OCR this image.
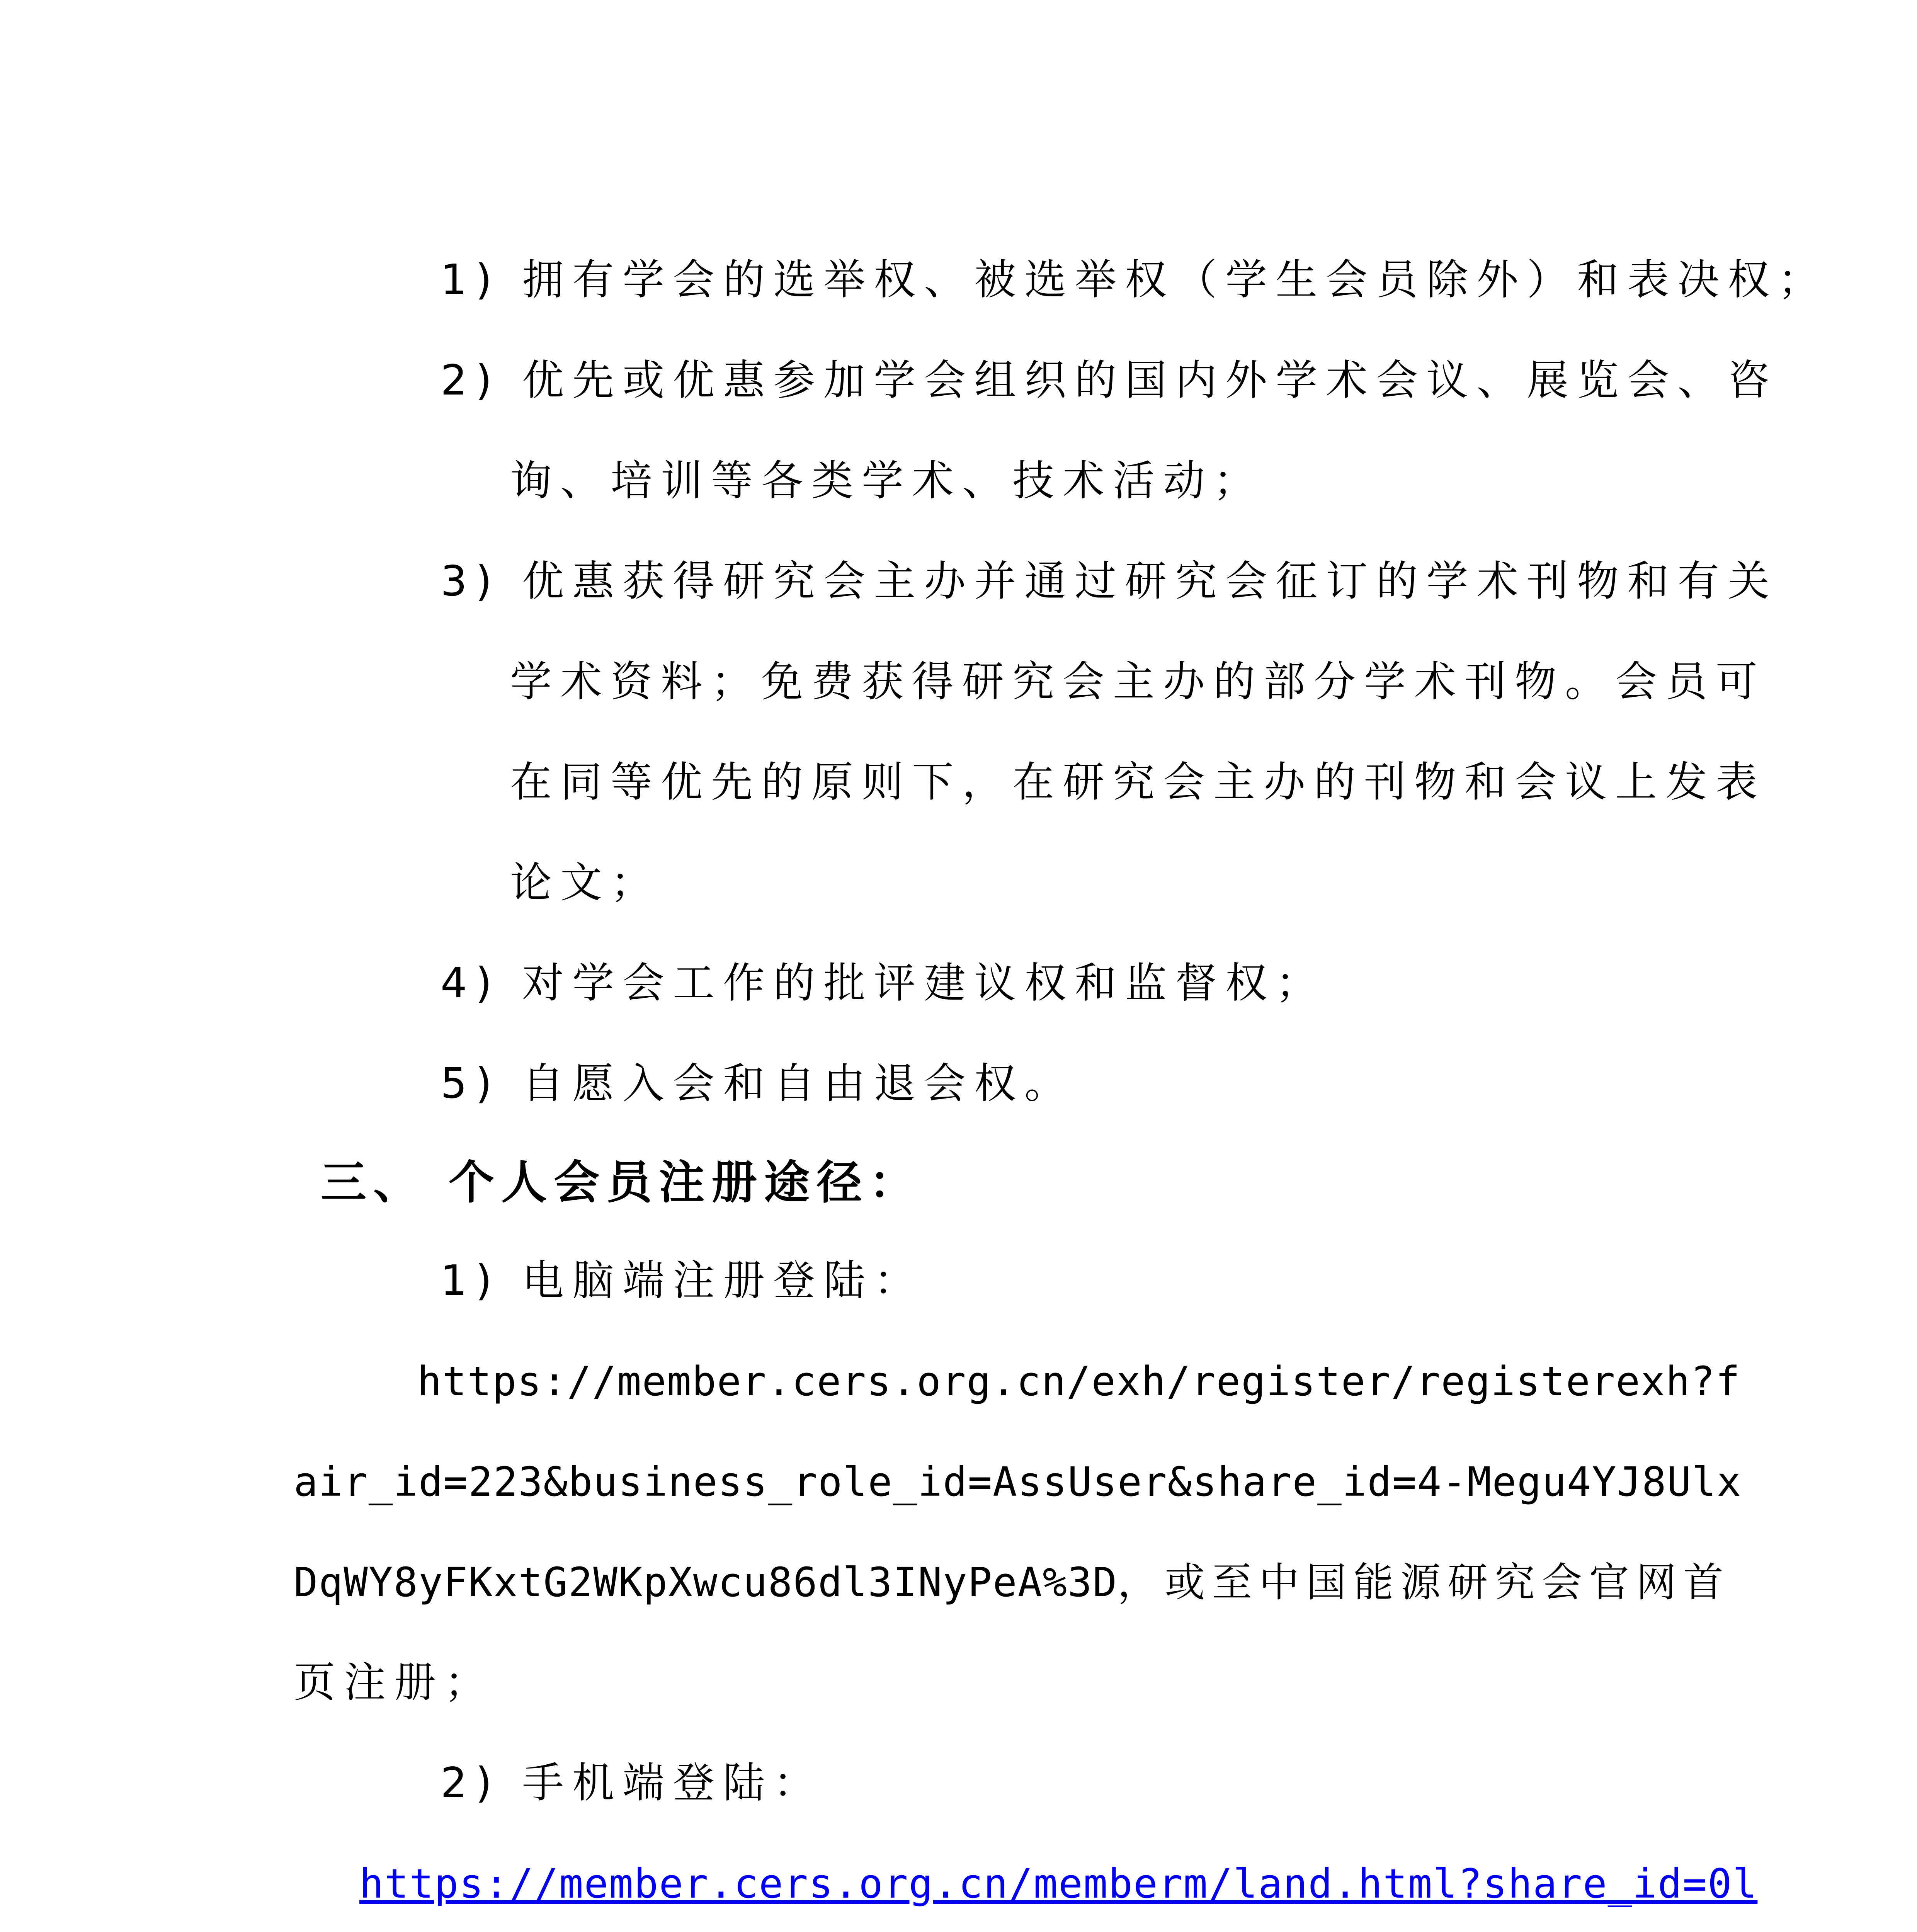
1) 拥有学会的选举权、被选举权（学生会员除外）和表决权；
2) 优先或优惠参加学会组织的国内外学术会议、展览会、咨
询、培训等各类学术、技术活动；
3) 优惠获得研究会主办并通过研究会征订的学术刊物和有关
学术资料；免费获得研究会主办的部分学术刊物。会员可
在同等优先的原则下，在研究会主办的刊物和会议上发表
论文；
4) 对学会工作的批评建议权和监督权；
5) 自愿入会和自由退会权。
三、 个人会员注册途径：
1) 电脑端注册登陆：
https://member.cers.org.cn/exh/register/registerexh?f
air_id=223&business_role_id=AssUser&share_id=4-Megu4YJ8Ulx
DqWY8yFKxtG2WKpXwcu86dl3INyPeA%3D，或至中国能源研究会官网首
页注册；
2) 手机端登陆：
https://member.cers.org.cn/memberm/land.html?share_id=0l
